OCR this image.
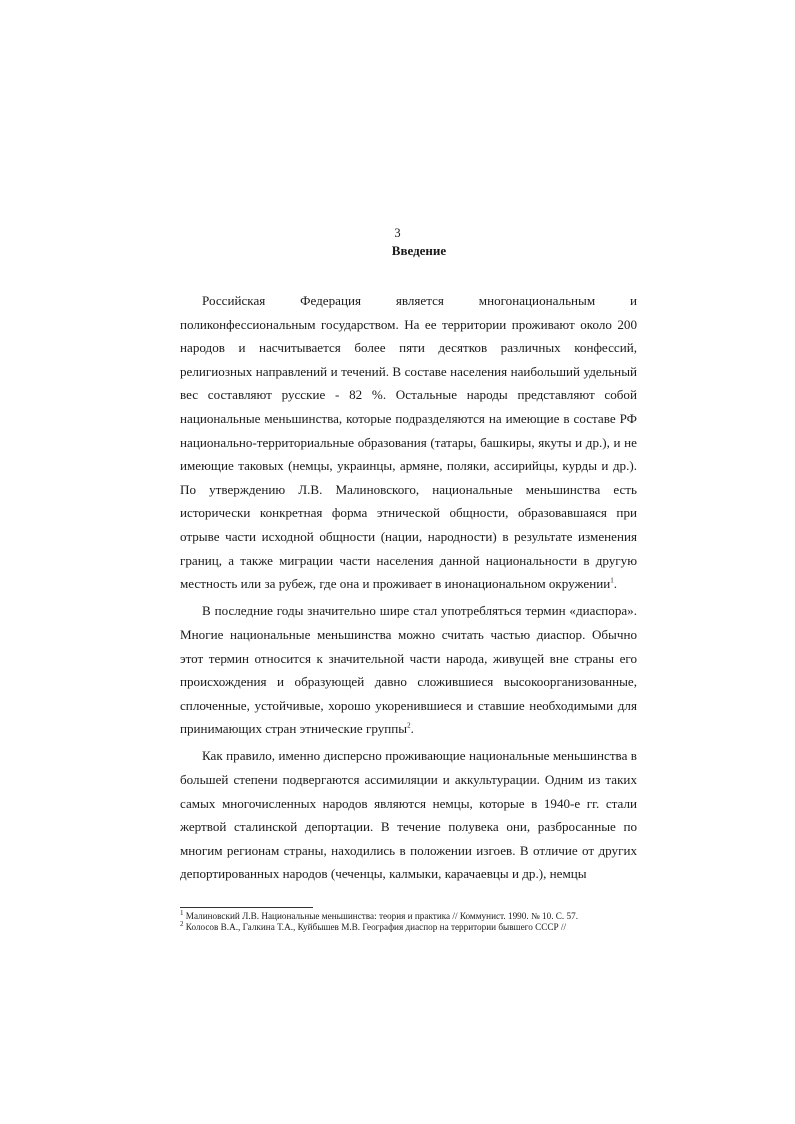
3
Введение

Российская Федерация является многонациональным и поликонфессиональным государством. На ее территории проживают около 200 народов и насчитывается более пяти десятков различных конфессий, религиозных направлений и течений. В составе населения наибольший удельный вес составляют русские - 82 %. Остальные народы представляют собой национальные меньшинства, которые подразделяются на имеющие в составе РФ национально-территориальные образования (татары, башкиры, якуты и др.), и не имеющие таковых (немцы, украинцы, армяне, поляки, ассирийцы, курды и др.). По утверждению Л.В. Малиновского, национальные меньшинства есть исторически конкретная форма этнической общности, образовавшаяся при отрыве части исходной общности (нации, народности) в результате изменения границ, а также миграции части населения данной национальности в другую местность или за рубеж, где она и проживает в инонациональном окружении$^1$.

В последние годы значительно шире стал употребляться термин «диаспора». Многие национальные меньшинства можно считать частью диаспор. Обычно этот термин относится к значительной части народа, живущей вне страны его происхождения и образующей давно сложившиеся высокоорганизованные, сплоченные, устойчивые, хорошо укоренившиеся и ставшие необходимыми для принимающих стран этнические группы$^2$.

Как правило, именно дисперсно проживающие национальные меньшинства в большей степени подвергаются ассимиляции и аккультурации. Одним из таких самых многочисленных народов являются немцы, которые в 1940-е гг. стали жертвой сталинской депортации. В течение полувека они, разбросанные по многим регионам страны, находились в положении изгоев. В отличие от других депортированных народов (чеченцы, калмыки, карачаевцы и др.), немцы

$^1$ Малиновский Л.В. Национальные меньшинства: теория и практика // Коммунист. 1990. № 10. С. 57.
$^2$ Колосов В.А., Галкина Т.А., Куйбышев М.В. География диаспор на территории бывшего СССР //
